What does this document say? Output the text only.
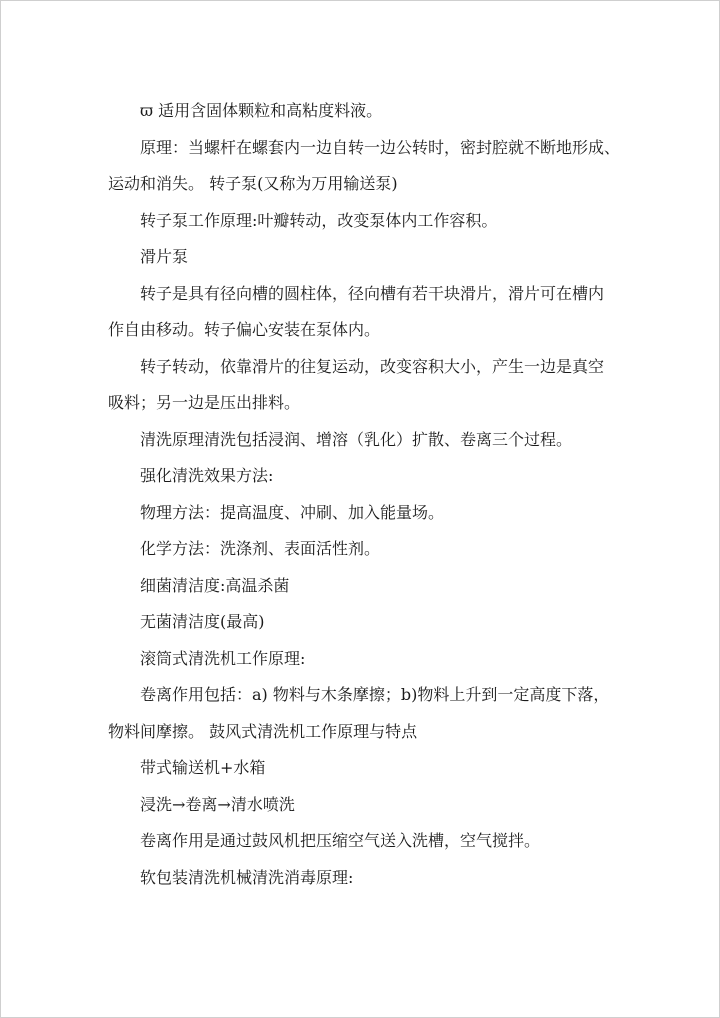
ϖ 适用含固体颗粒和高粘度料液。
原理：当螺杆在螺套内一边自转一边公转时，密封腔就不断地形成、
运动和消失。 转子泵(又称为万用输送泵)
转子泵工作原理:叶瓣转动，改变泵体内工作容积。
滑片泵
转子是具有径向槽的圆柱体，径向槽有若干块滑片，滑片可在槽内
作自由移动。转子偏心安装在泵体内。
转子转动，依靠滑片的往复运动，改变容积大小，产生一边是真空
吸料；另一边是压出排料。
清洗原理清洗包括浸润、增溶（乳化）扩散、卷离三个过程。
强化清洗效果方法:
物理方法：提高温度、冲刷、加入能量场。
化学方法：洗涤剂、表面活性剂。
细菌清洁度:高温杀菌
无菌清洁度(最高)
滚筒式清洗机工作原理:
卷离作用包括：a) 物料与木条摩擦；b)物料上升到一定高度下落，
物料间摩擦。 鼓风式清洗机工作原理与特点
带式输送机+水箱
浸洗→卷离→清水喷洗
卷离作用是通过鼓风机把压缩空气送入洗槽，空气搅拌。
软包装清洗机械清洗消毒原理:
